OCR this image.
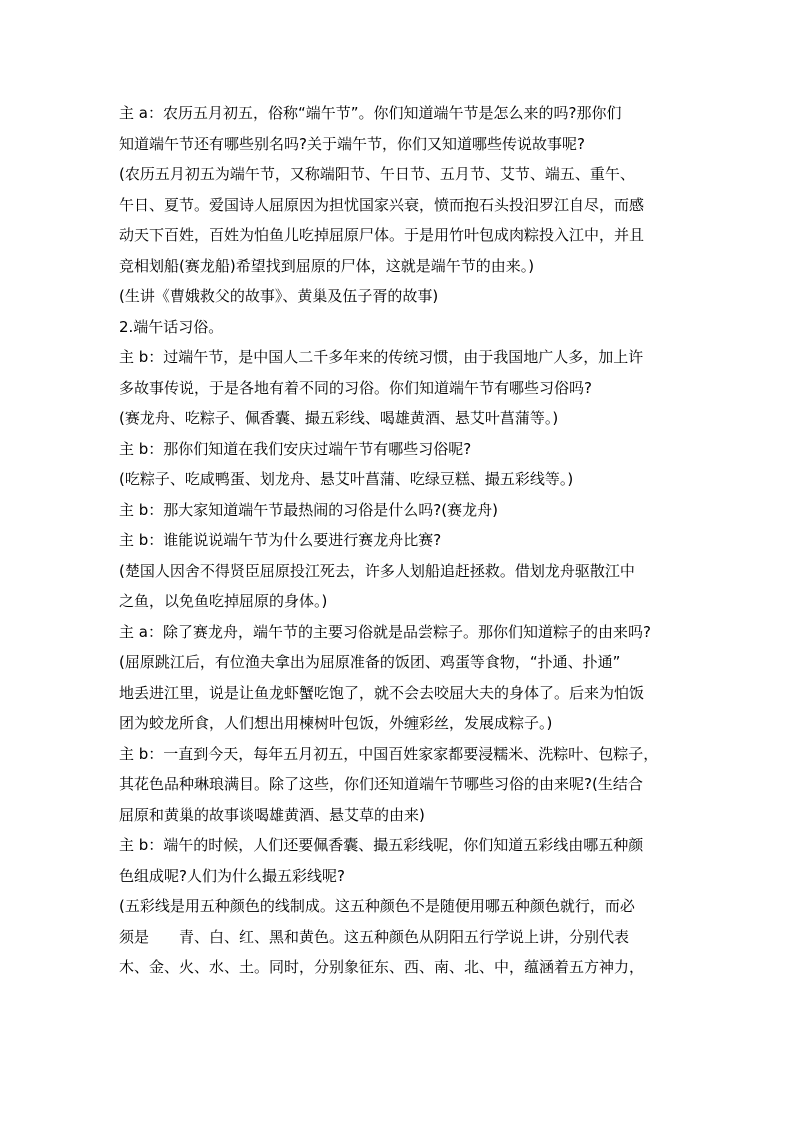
主 a：农历五月初五，俗称“端午节”。你们知道端午节是怎么来的吗?那你们
知道端午节还有哪些别名吗?关于端午节，你们又知道哪些传说故事呢?
(农历五月初五为端午节，又称端阳节、午日节、五月节、艾节、端五、重午、
午日、夏节。爱国诗人屈原因为担忧国家兴衰，愤而抱石头投汨罗江自尽，而感
动天下百姓，百姓为怕鱼儿吃掉屈原尸体。于是用竹叶包成肉粽投入江中，并且
竞相划船(赛龙船)希望找到屈原的尸体，这就是端午节的由来。)
(生讲《曹娥救父的故事》、黄巢及伍子胥的故事)
2.端午话习俗。
主 b：过端午节，是中国人二千多年来的传统习惯，由于我国地广人多，加上许
多故事传说，于是各地有着不同的习俗。你们知道端午节有哪些习俗吗?
(赛龙舟、吃粽子、佩香囊、撮五彩线、喝雄黄酒、悬艾叶菖蒲等。)
主 b：那你们知道在我们安庆过端午节有哪些习俗呢?
(吃粽子、吃咸鸭蛋、划龙舟、悬艾叶菖蒲、吃绿豆糕、撮五彩线等。)
主 b：那大家知道端午节最热闹的习俗是什么吗?(赛龙舟)
主 b：谁能说说端午节为什么要进行赛龙舟比赛?
(楚国人因舍不得贤臣屈原投江死去，许多人划船追赶拯救。借划龙舟驱散江中
之鱼，以免鱼吃掉屈原的身体。)
主 a：除了赛龙舟，端午节的主要习俗就是品尝粽子。那你们知道粽子的由来吗?
(屈原跳江后，有位渔夫拿出为屈原准备的饭团、鸡蛋等食物，“扑通、扑通”
地丢进江里，说是让鱼龙虾蟹吃饱了，就不会去咬屈大夫的身体了。后来为怕饭
团为蛟龙所食，人们想出用楝树叶包饭，外缠彩丝，发展成粽子。)
主 b：一直到今天，每年五月初五，中国百姓家家都要浸糯米、洗粽叶、包粽子，
其花色品种琳琅满目。除了这些，你们还知道端午节哪些习俗的由来呢?(生结合
屈原和黄巢的故事谈喝雄黄酒、悬艾草的由来)
主 b：端午的时候，人们还要佩香囊、撮五彩线呢，你们知道五彩线由哪五种颜
色组成呢?人们为什么撮五彩线呢?
(五彩线是用五种颜色的线制成。这五种颜色不是随便用哪五种颜色就行，而必
须是　　青、白、红、黑和黄色。这五种颜色从阴阳五行学说上讲，分别代表
木、金、火、水、土。同时，分别象征东、西、南、北、中，蕴涵着五方神力，
